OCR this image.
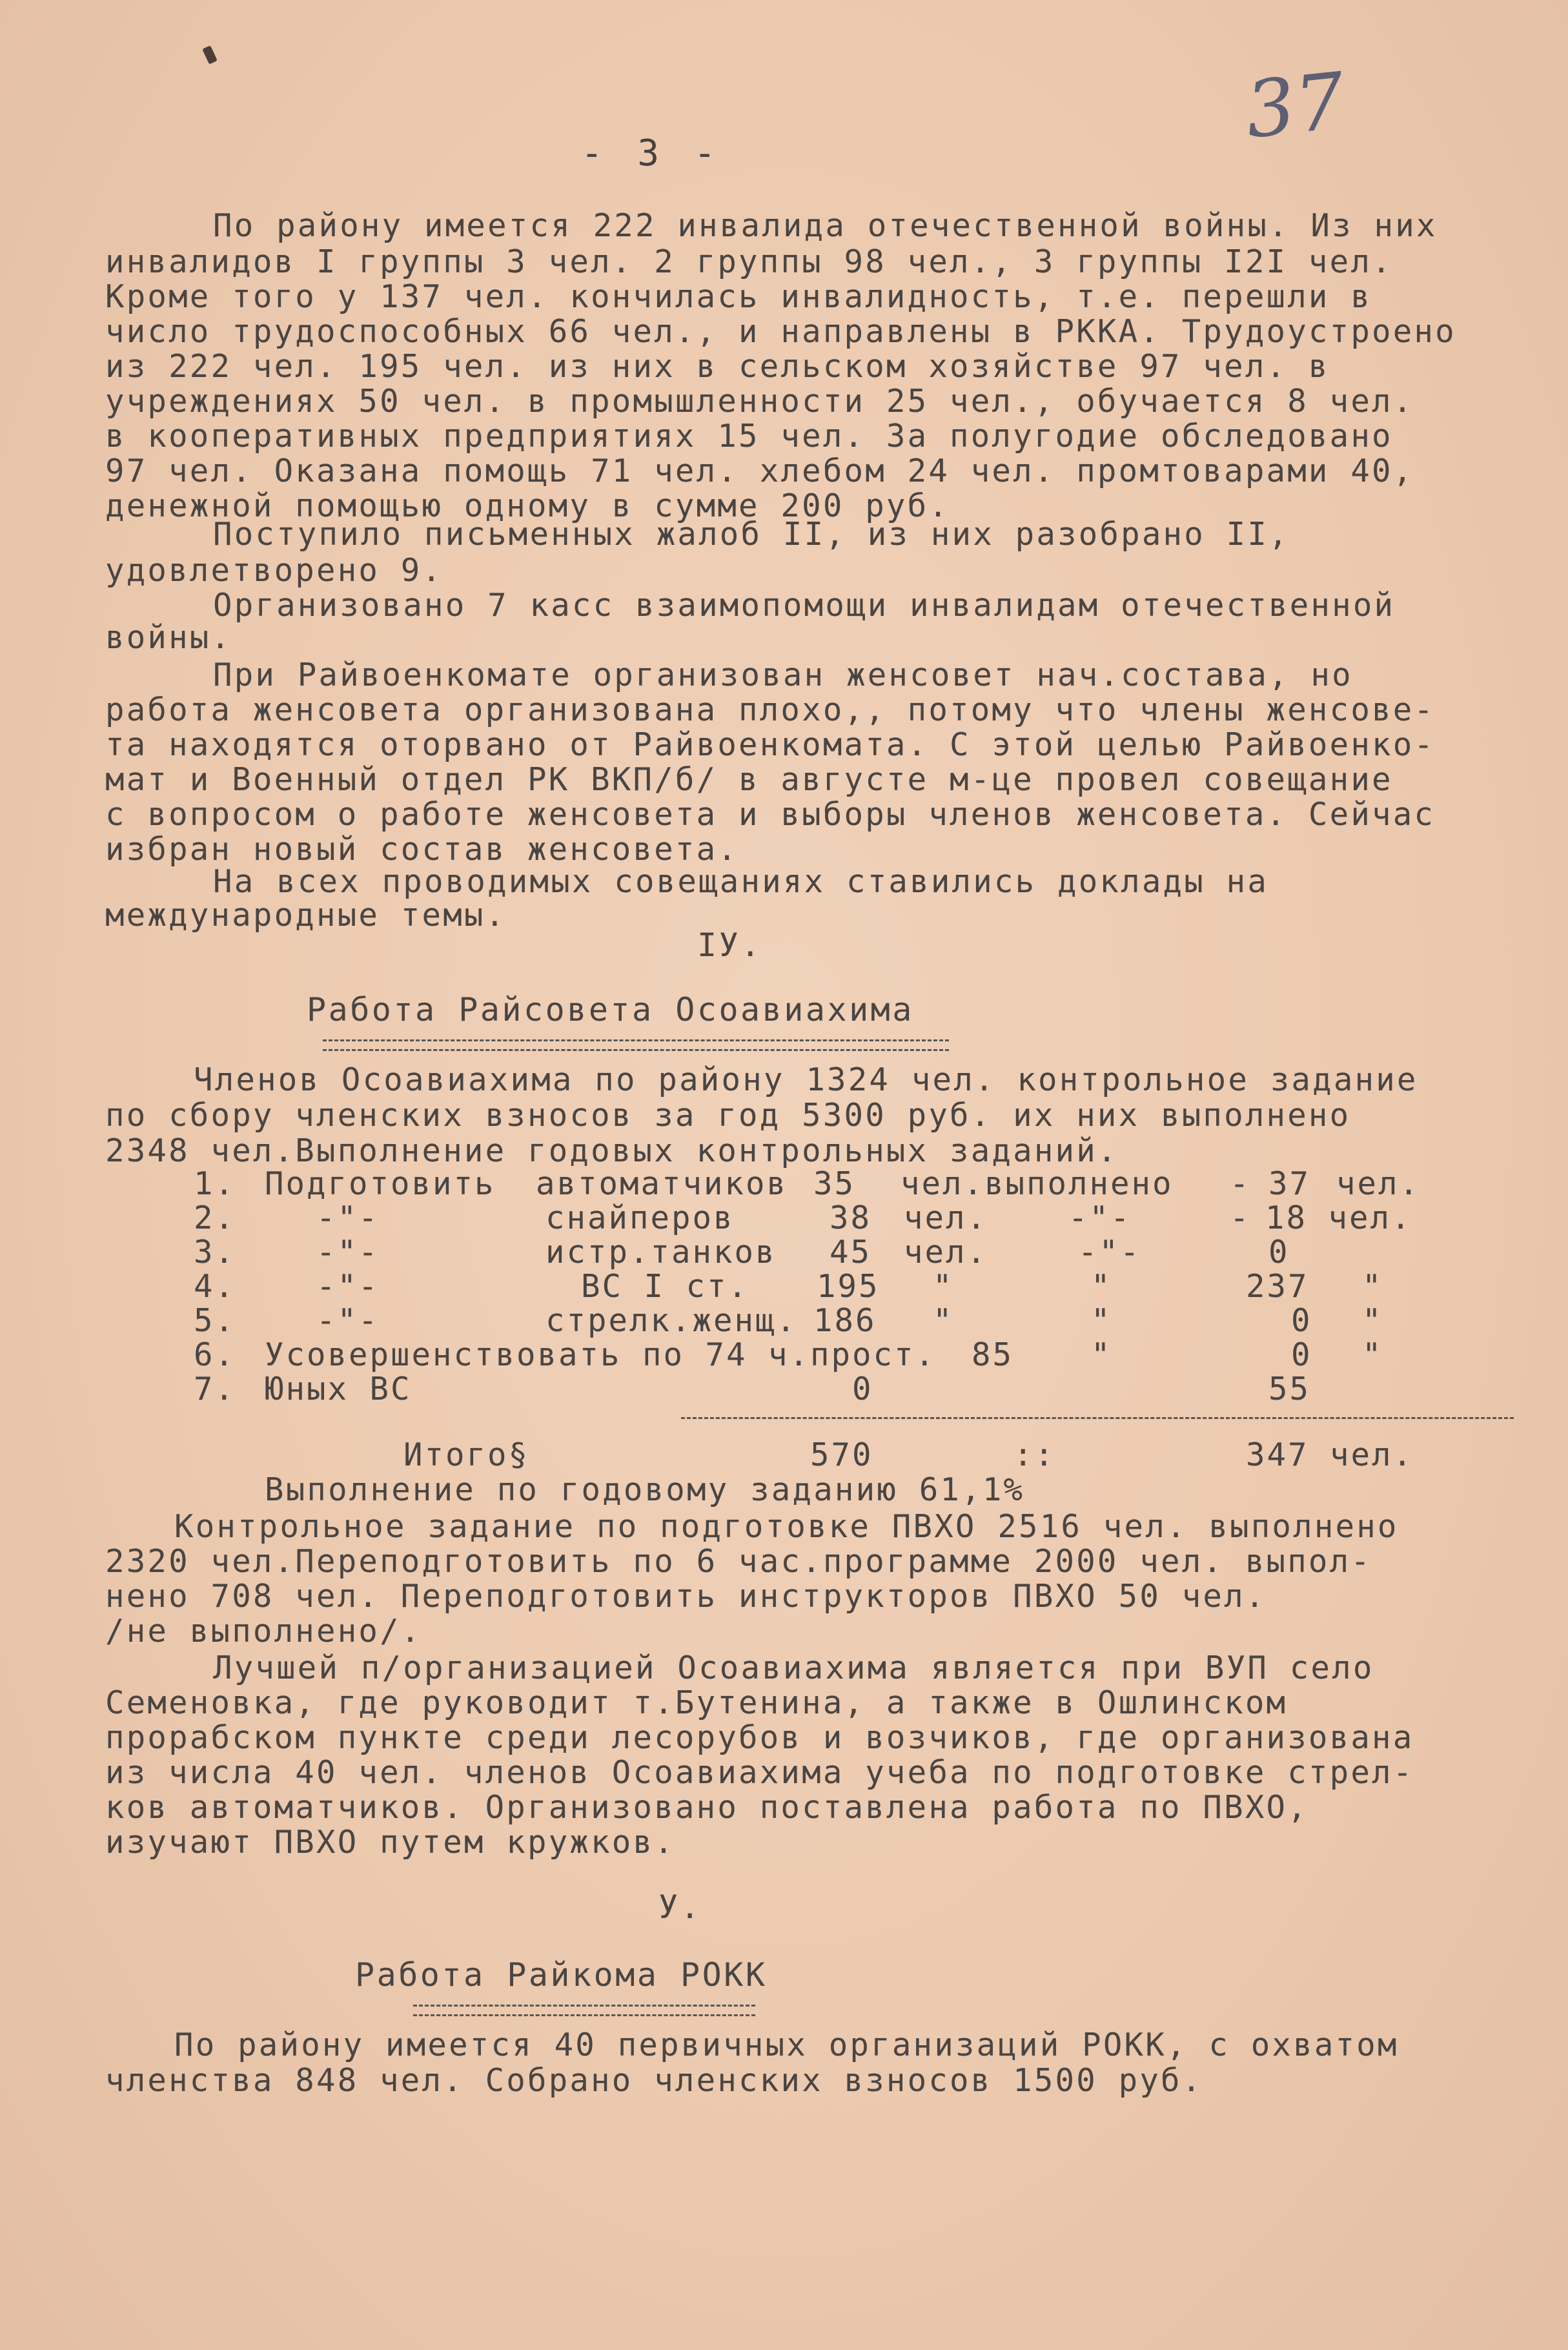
37
- 3 -
По району имеется 222 инвалида отечественной войны. Из них
инвалидов I группы 3 чел. 2 группы 98 чел., 3 группы I2I чел.
Кроме того у 137 чел. кончилась инвалидность, т.е. перешли в
число трудоспособных 66 чел., и направлены в РККА. Трудоустроено
из 222 чел. 195 чел. из них в сельском хозяйстве 97 чел. в
учреждениях 50 чел. в промышленности 25 чел., обучается 8 чел.
в кооперативных предприятиях 15 чел. За полугодие обследовано
97 чел. Оказана помощь 71 чел. хлебом 24 чел. промтоварами 40,
денежной помощью одному в сумме 200 руб.
Поступило письменных жалоб II, из них разобрано II,
удовлетворено 9.
Организовано 7 касс взаимопомощи инвалидам отечественной
войны.
При Райвоенкомате организован женсовет нач.состава, но
работа женсовета организована плохо,, потому что члены женсове-
та находятся оторвано от Райвоенкомата. С этой целью Райвоенко-
мат и Военный отдел РК ВКП/б/ в августе м-це провел совещание
с вопросом о работе женсовета и выборы членов женсовета. Сейчас
избран новый состав женсовета.
На всех проводимых совещаниях ставились доклады на
международные темы.
IУ.
Работа Райсовета Осоавиахима
Членов Осоавиахима по району 1324 чел. контрольное задание
по сбору членских взносов за год 5300 руб. их них выполнено
2348 чел.Выполнение годовых контрольных заданий.
1. Подготовить автоматчиков 35 чел.выполнено - 37 чел.
2.	-"-	снайперов	38 чел.	-"-	- 18 чел.
3.	-"-	истр.танков 45 чел.	-"-	0
4.	-"-	ВС I ст. 195 "	"	237 "
5.	-"-	стрелк.женщ. 186 "	"	0 "
6. Усовершенствовать по 74 ч.прост. 85 "	0 "
7. Юных ВС	0	55
Итого§	570	::	347 чел.
Выполнение по годовому заданию 61,1%
Контрольное задание по подготовке ПВХО 2516 чел. выполнено
2320 чел.Переподготовить по 6 час.программе 2000 чел. выпол-
нено 708 чел. Переподготовить инструкторов ПВХО 50 чел.
/не выполнено/.
Лучшей п/организацией Осоавиахима является при ВУП село
Семеновка, где руководит т.Бутенина, а также в Ошлинском
прорабском пункте среди лесорубов и возчиков, где организована
из числа 40 чел. членов Осоавиахима учеба по подготовке стрел-
ков автоматчиков. Организовано поставлена работа по ПВХО,
изучают ПВХО путем кружков.
У.
Работа Райкома РОКК
По району имеется 40 первичных организаций РОКК, с охватом
членства 848 чел. Собрано членских взносов 1500 руб.
